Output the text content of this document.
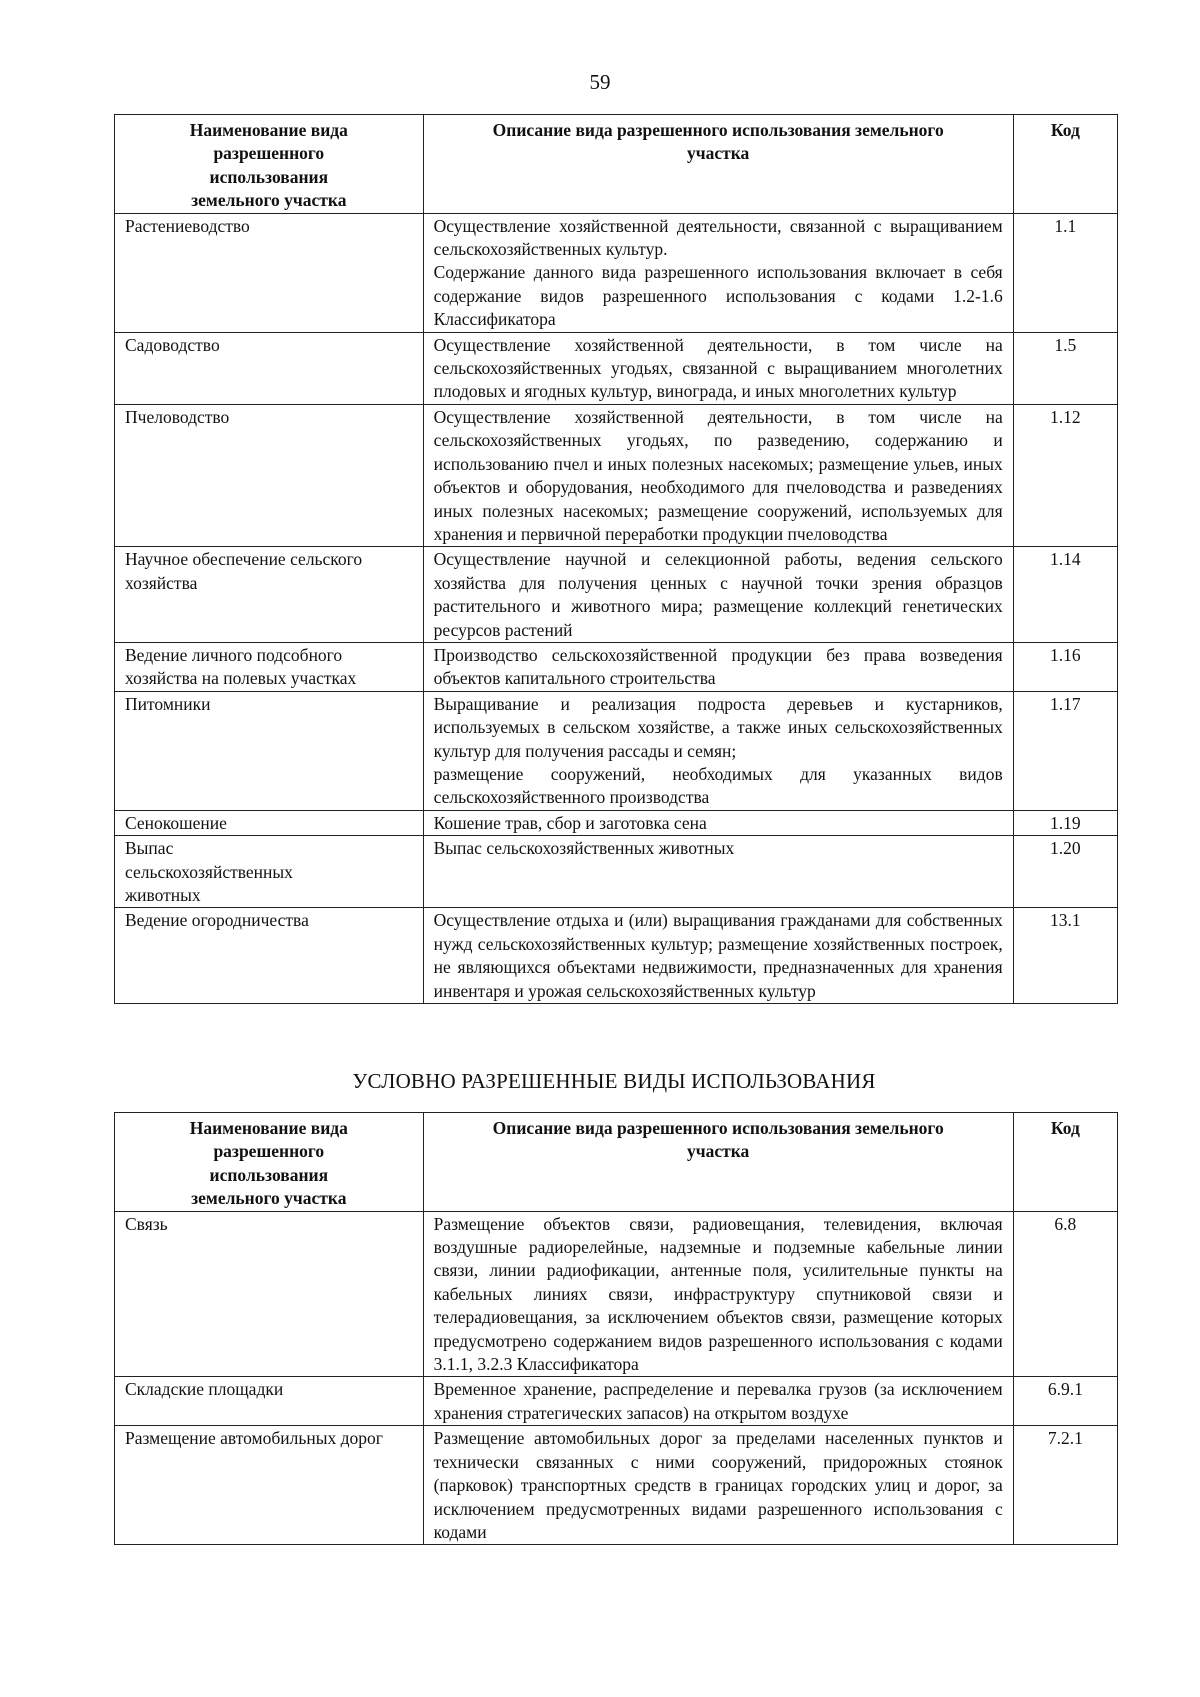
59
Наименование вида
разрешенного
использования
земельного участка	Описание вида разрешенного использования земельного
участка	Код
Растениеводство	Осуществление хозяйственной деятельности, связанной с выращиванием сельскохозяйственных культур.

Содержание данного вида разрешенного использования включает в себя содержание видов разрешенного использования с кодами 1.2-1.6 Классификатора	1.1
Садоводство	Осуществление хозяйственной деятельности, в том числе на сельскохозяйственных угодьях, связанной с выращиванием многолетних плодовых и ягодных культур, винограда, и иных многолетних культур	1.5
Пчеловодство	Осуществление хозяйственной деятельности, в том числе на сельскохозяйственных угодьях, по разведению, содержанию и использованию пчел и иных полезных насекомых; размещение ульев, иных объектов и оборудования, необходимого для пчеловодства и разведениях иных полезных насекомых; размещение сооружений, используемых для хранения и первичной переработки продукции пчеловодства	1.12
Научное обеспечение сельского хозяйства	Осуществление научной и селекционной работы, ведения сельского хозяйства для получения ценных с научной точки зрения образцов растительного и животного мира; размещение коллекций генетических ресурсов растений	1.14
Ведение личного подсобного хозяйства на полевых участках	Производство сельскохозяйственной продукции без права возведения объектов капитального строительства	1.16
Питомники	Выращивание и реализация подроста деревьев и кустарников, используемых в сельском хозяйстве, а также иных сельскохозяйственных культур для получения рассады и семян;

размещение сооружений, необходимых для указанных видов сельскохозяйственного производства	1.17
Сенокошение	Кошение трав, сбор и заготовка сена	1.19
Выпас сельскохозяйственных животных	Выпас сельскохозяйственных животных	1.20
Ведение огородничества	Осуществление отдыха и (или) выращивания гражданами для собственных нужд сельскохозяйственных культур; размещение хозяйственных построек, не являющихся объектами недвижимости, предназначенных для хранения инвентаря и урожая сельскохозяйственных культур	13.1
УСЛОВНО РАЗРЕШЕННЫЕ ВИДЫ ИСПОЛЬЗОВАНИЯ
Наименование вида
разрешенного
использования
земельного участка	Описание вида разрешенного использования земельного
участка	Код
Связь	Размещение объектов связи, радиовещания, телевидения, включая воздушные радиорелейные, надземные и подземные кабельные линии связи, линии радиофикации, антенные поля, усилительные пункты на кабельных линиях связи, инфраструктуру спутниковой связи и телерадиовещания, за исключением объектов связи, размещение которых предусмотрено содержанием видов разрешенного использования с кодами 3.1.1, 3.2.3 Классификатора	6.8
Складские площадки	Временное хранение, распределение и перевалка грузов (за исключением хранения стратегических запасов) на открытом воздухе	6.9.1
Размещение автомобильных дорог	Размещение автомобильных дорог за пределами населенных пунктов и технически связанных с ними сооружений, придорожных стоянок (парковок) транспортных средств в границах городских улиц и дорог, за исключением предусмотренных видами разрешенного использования с кодами	7.2.1
